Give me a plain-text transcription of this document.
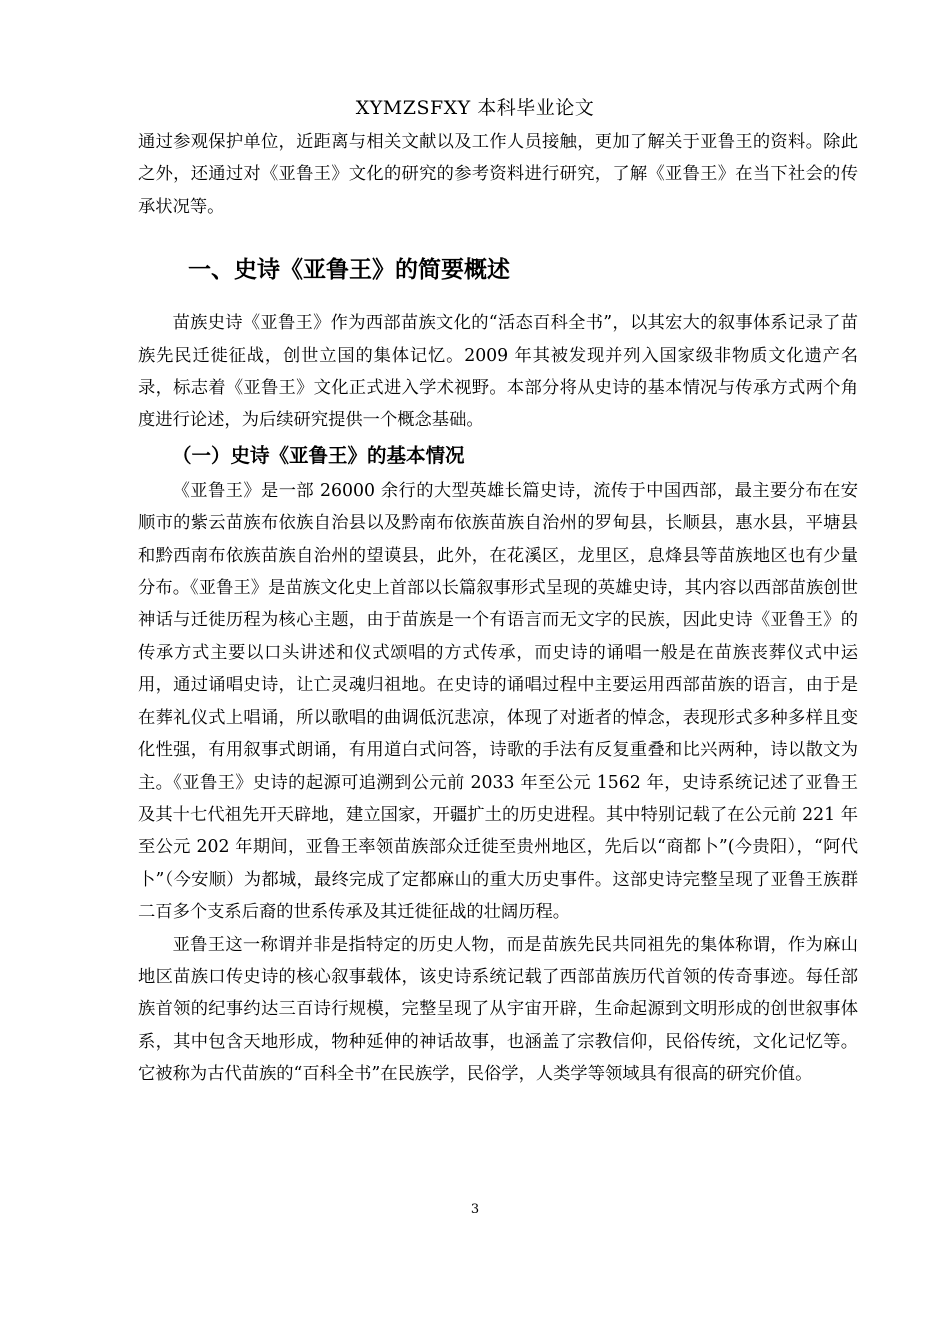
XYMZSFXY 本科毕业论文

通过参观保护单位，近距离与相关文献以及工作人员接触，更加了解关于亚鲁王的资料。除此之外，还通过对《亚鲁王》文化的研究的参考资料进行研究，了解《亚鲁王》在当下社会的传承状况等。

一、史诗《亚鲁王》的简要概述

苗族史诗《亚鲁王》作为西部苗族文化的“活态百科全书”，以其宏大的叙事体系记录了苗族先民迁徙征战，创世立国的集体记忆。2009 年其被发现并列入国家级非物质文化遗产名录，标志着《亚鲁王》文化正式进入学术视野。本部分将从史诗的基本情况与传承方式两个角度进行论述，为后续研究提供一个概念基础。

（一）史诗《亚鲁王》的基本情况

《亚鲁王》是一部 26000 余行的大型英雄长篇史诗，流传于中国西部，最主要分布在安顺市的紫云苗族布依族自治县以及黔南布依族苗族自治州的罗甸县，长顺县，惠水县，平塘县和黔西南布依族苗族自治州的望谟县，此外，在花溪区，龙里区，息烽县等苗族地区也有少量分布。《亚鲁王》是苗族文化史上首部以长篇叙事形式呈现的英雄史诗，其内容以西部苗族创世神话与迁徙历程为核心主题，由于苗族是一个有语言而无文字的民族，因此史诗《亚鲁王》的传承方式主要以口头讲述和仪式颂唱的方式传承，而史诗的诵唱一般是在苗族丧葬仪式中运用，通过诵唱史诗，让亡灵魂归祖地。在史诗的诵唱过程中主要运用西部苗族的语言，由于是在葬礼仪式上唱诵，所以歌唱的曲调低沉悲凉，体现了对逝者的悼念，表现形式多种多样且变化性强，有用叙事式朗诵，有用道白式问答，诗歌的手法有反复重叠和比兴两种，诗以散文为主。《亚鲁王》史诗的起源可追溯到公元前 2033 年至公元 1562 年，史诗系统记述了亚鲁王及其十七代祖先开天辟地，建立国家，开疆扩土的历史进程。其中特别记载了在公元前 221 年至公元 202 年期间，亚鲁王率领苗族部众迁徙至贵州地区，先后以“商都卜”(今贵阳），“阿代卜”（今安顺）为都城，最终完成了定都麻山的重大历史事件。这部史诗完整呈现了亚鲁王族群二百多个支系后裔的世系传承及其迁徙征战的壮阔历程。

亚鲁王这一称谓并非是指特定的历史人物，而是苗族先民共同祖先的集体称谓，作为麻山地区苗族口传史诗的核心叙事载体，该史诗系统记载了西部苗族历代首领的传奇事迹。每任部族首领的纪事约达三百诗行规模，完整呈现了从宇宙开辟，生命起源到文明形成的创世叙事体系，其中包含天地形成，物种延伸的神话故事，也涵盖了宗教信仰，民俗传统，文化记忆等。它被称为古代苗族的“百科全书”在民族学，民俗学，人类学等领域具有很高的研究价值。

3
